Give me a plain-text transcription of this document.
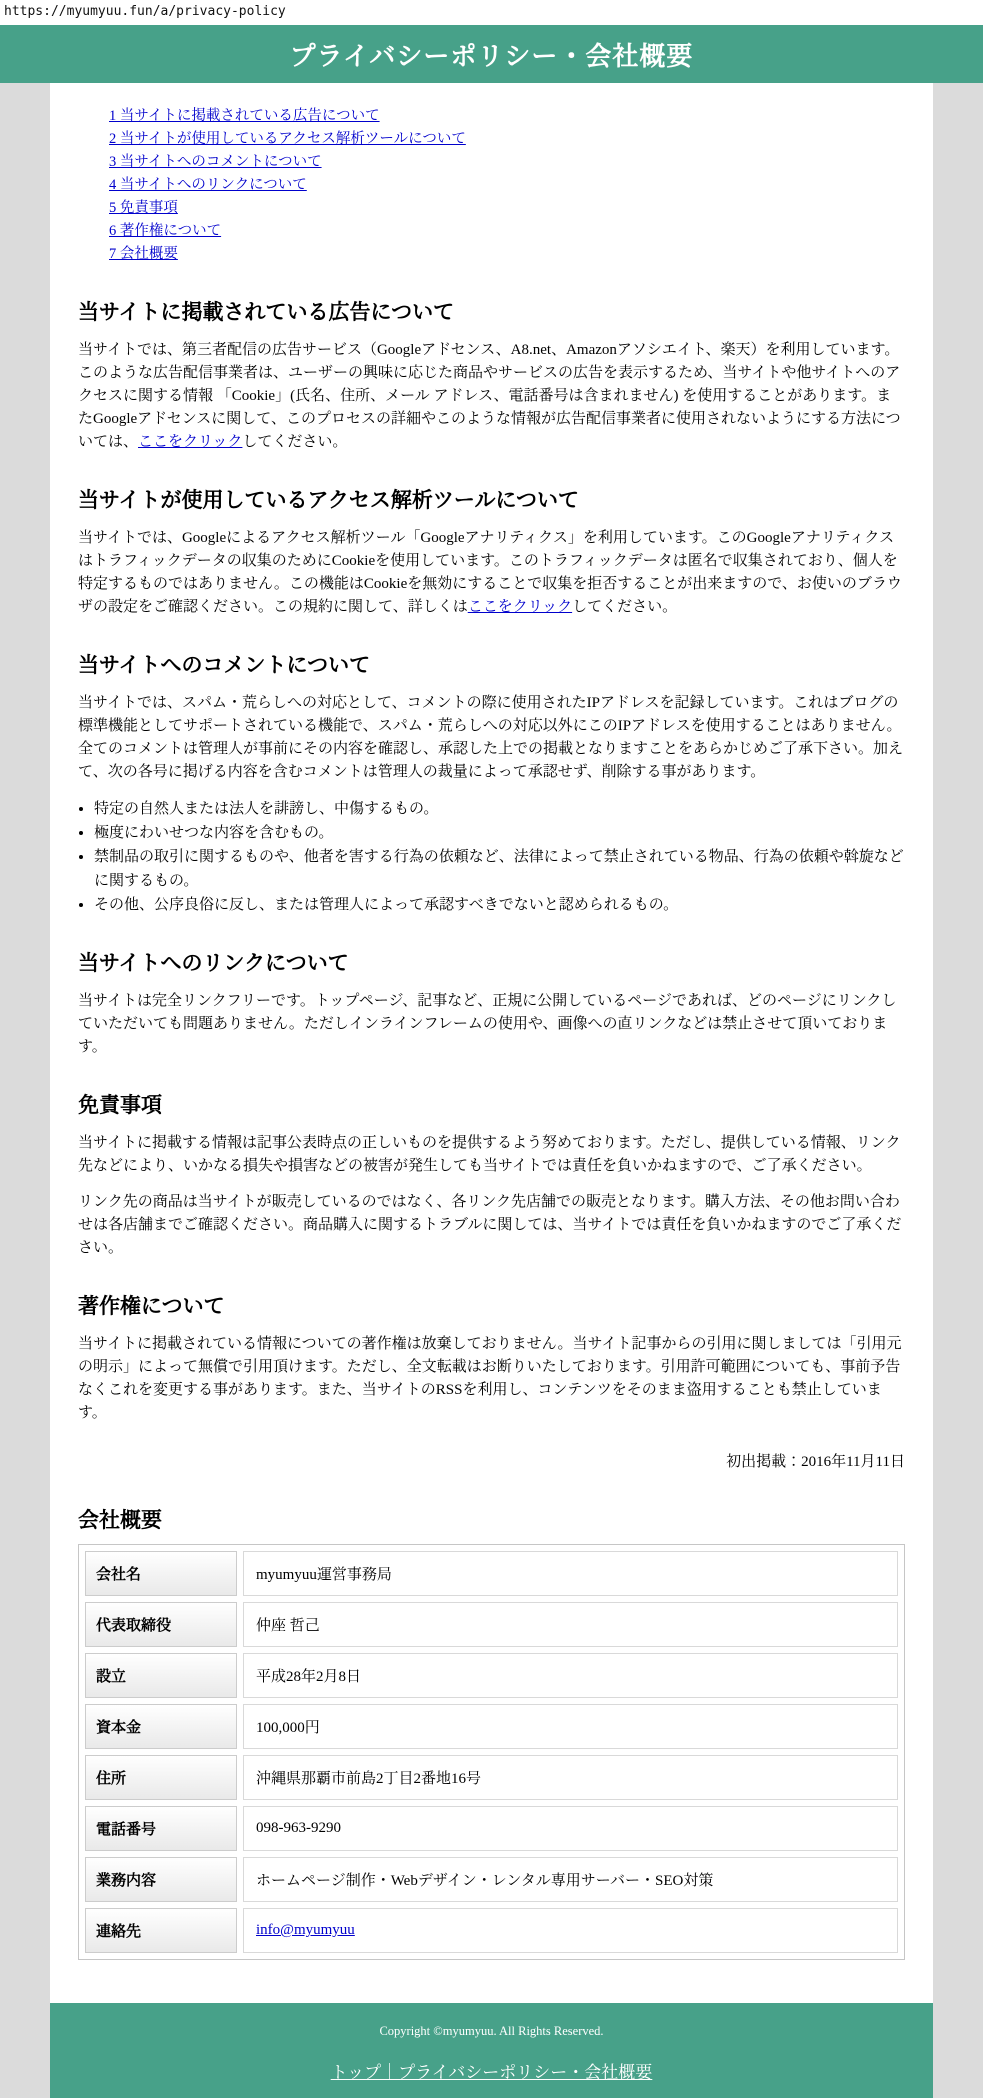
https://myumyuu.fun/a/privacy-policy
プライバシーポリシー・会社概要
1 当サイトに掲載されている広告について
2 当サイトが使用しているアクセス解析ツールについて
3 当サイトへのコメントについて
4 当サイトへのリンクについて
5 免責事項
6 著作権について
7 会社概要
当サイトに掲載されている広告について

当サイトでは、第三者配信の広告サービス（Googleアドセンス、A8.net、Amazonアソシエイト、楽天）を利用しています。このような広告配信事業者は、ユーザーの興味に応じた商品やサービスの広告を表示するため、当サイトや他サイトへのアクセスに関する情報 「Cookie」(氏名、住所、メール アドレス、電話番号は含まれません) を使用することがあります。またGoogleアドセンスに関して、このプロセスの詳細やこのような情報が広告配信事業者に使用されないようにする方法については、ここをクリックしてください。

当サイトが使用しているアクセス解析ツールについて

当サイトでは、Googleによるアクセス解析ツール「Googleアナリティクス」を利用しています。このGoogleアナリティクスはトラフィックデータの収集のためにCookieを使用しています。このトラフィックデータは匿名で収集されており、個人を特定するものではありません。この機能はCookieを無効にすることで収集を拒否することが出来ますので、お使いのブラウザの設定をご確認ください。この規約に関して、詳しくはここをクリックしてください。

当サイトへのコメントについて

当サイトでは、スパム・荒らしへの対応として、コメントの際に使用されたIPアドレスを記録しています。これはブログの標準機能としてサポートされている機能で、スパム・荒らしへの対応以外にこのIPアドレスを使用することはありません。全てのコメントは管理人が事前にその内容を確認し、承認した上での掲載となりますことをあらかじめご了承下さい。加えて、次の各号に掲げる内容を含むコメントは管理人の裁量によって承認せず、削除する事があります。

• 特定の自然人または法人を誹謗し、中傷するもの。
• 極度にわいせつな内容を含むもの。
• 禁制品の取引に関するものや、他者を害する行為の依頼など、法律によって禁止されている物品、行為の依頼や斡旋などに関するもの。
• その他、公序良俗に反し、または管理人によって承認すべきでないと認められるもの。
当サイトへのリンクについて

当サイトは完全リンクフリーです。トップページ、記事など、正規に公開しているページであれば、どのページにリンクしていただいても問題ありません。ただしインラインフレームの使用や、画像への直リンクなどは禁止させて頂いております。

免責事項

当サイトに掲載する情報は記事公表時点の正しいものを提供するよう努めております。ただし、提供している情報、リンク先などにより、いかなる損失や損害などの被害が発生しても当サイトでは責任を負いかねますので、ご了承ください。

リンク先の商品は当サイトが販売しているのではなく、各リンク先店舗での販売となります。購入方法、その他お問い合わせは各店舗までご確認ください。商品購入に関するトラブルに関しては、当サイトでは責任を負いかねますのでご了承ください。

著作権について

当サイトに掲載されている情報についての著作権は放棄しておりません。当サイト記事からの引用に関しましては「引用元の明示」によって無償で引用頂けます。ただし、全文転載はお断りいたしております。引用許可範囲についても、事前予告なくこれを変更する事があります。また、当サイトのRSSを利用し、コンテンツをそのまま盗用することも禁止しています。

初出掲載：2016年11月11日

会社概要
会社名	myumyuu運営事務局
代表取締役	仲座 哲己
設立	平成28年2月8日
資本金	100,000円
住所	沖縄県那覇市前島2丁目2番地16号
電話番号	098-963-9290
業務内容	ホームページ制作・Webデザイン・レンタル専用サーバー・SEO対策
連絡先	info@myumyuu

Copyright ©myumyuu. All Rights Reserved.

トップ｜プライバシーポリシー・会社概要
